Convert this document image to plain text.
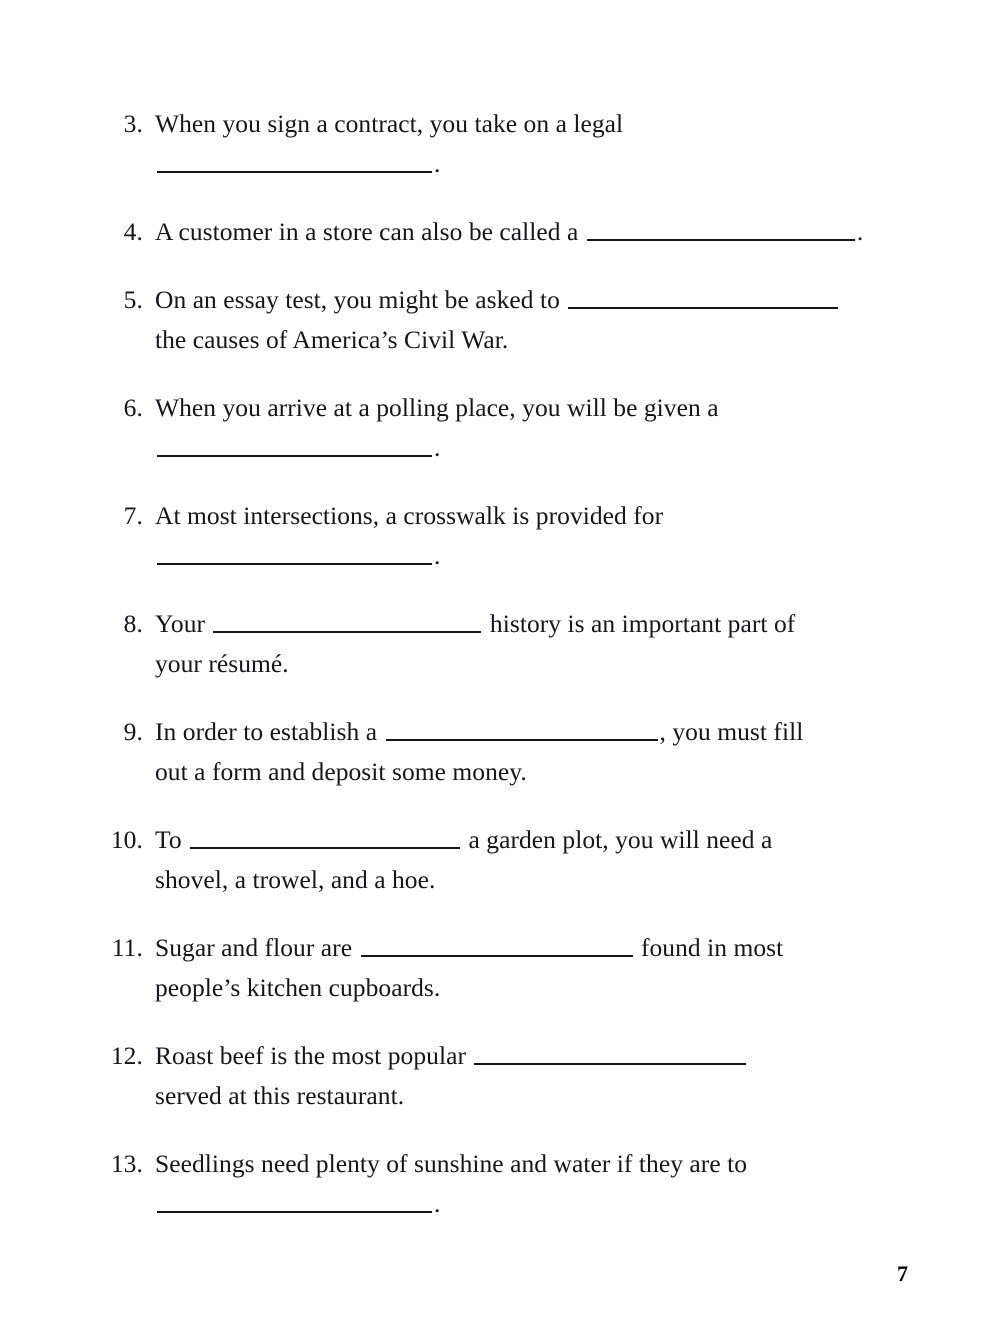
3. When you sign a contract, you take on a legal
.
4. A customer in a store can also be called a	.
5. On an essay test, you might be asked to
the causes of America’s Civil War.
6. When you arrive at a polling place, you will be given a
.
7. At most intersections, a crosswalk is provided for
.
8. Your	history is an important part of
your résumé.
9. In order to establish a	, you must fill
out a form and deposit some money.
10. To	a garden plot, you will need a
shovel, a trowel, and a hoe.
11. Sugar and flour are	found in most
people’s kitchen cupboards.
12. Roast beef is the most popular
served at this restaurant.
13. Seedlings need plenty of sunshine and water if they are to
.
7
